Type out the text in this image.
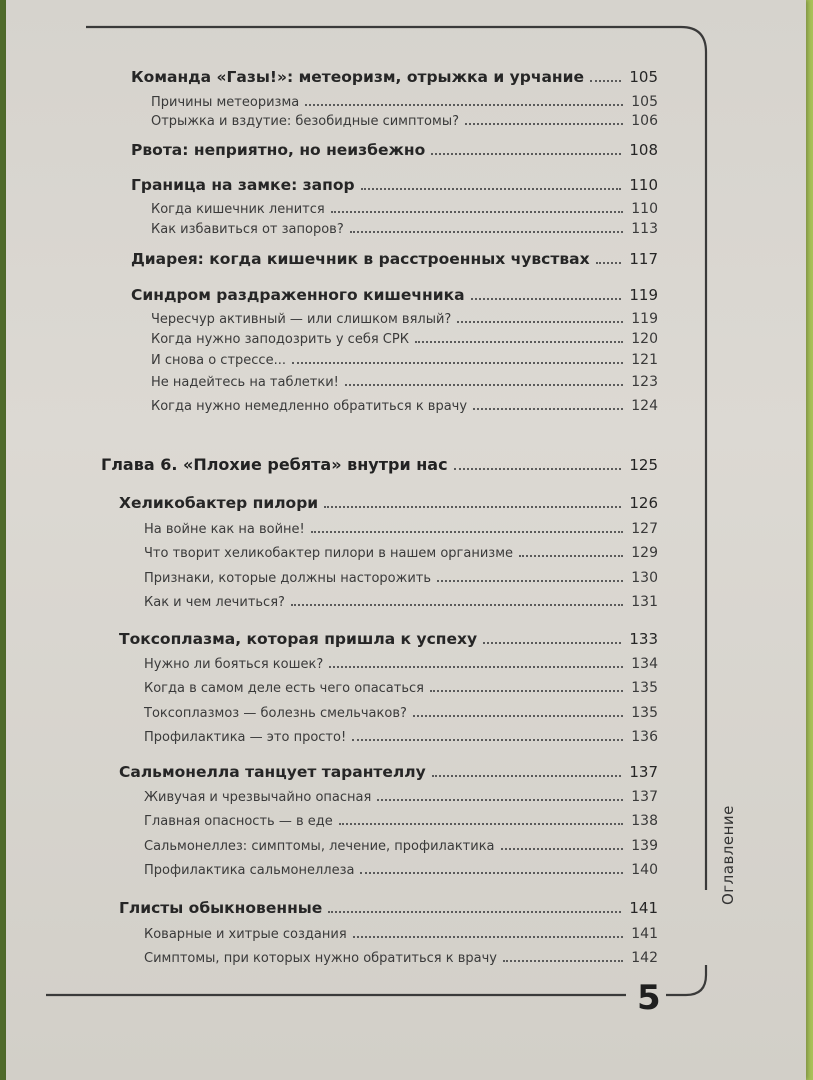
Команда «Газы!»: метеоризм, отрыжка и урчание	105
Причины метеоризма	105
Отрыжка и вздутие: безобидные симптомы?	106
Рвота: неприятно, но неизбежно	108
Граница на замке: запор	110
Когда кишечник ленится	110
Как избавиться от запоров?	113
Диарея: когда кишечник в расстроенных чувствах	117
Синдром раздраженного кишечника	119
Чересчур активный — или слишком вялый?	119
Когда нужно заподозрить у себя СРК	120
И снова о стрессе...	121
Не надейтесь на таблетки!	123
Когда нужно немедленно обратиться к врачу	124
Глава 6. «Плохие ребята» внутри нас	125
Хеликобактер пилори	126
На войне как на войне!	127
Что творит хеликобактер пилори в нашем организме	129
Признаки, которые должны насторожить	130
Как и чем лечиться?	131
Токсоплазма, которая пришла к успеху	133
Нужно ли бояться кошек?	134
Когда в самом деле есть чего опасаться	135
Токсоплазмоз — болезнь смельчаков?	135
Профилактика — это просто!	136
Сальмонелла танцует тарантеллу	137
Живучая и чрезвычайно опасная	137
Главная опасность — в еде	138
Сальмонеллез: симптомы, лечение, профилактика	139
Профилактика сальмонеллеза	140
Глисты обыкновенные	141
Коварные и хитрые создания	141
Симптомы, при которых нужно обратиться к врачу	142
Оглавление
5
